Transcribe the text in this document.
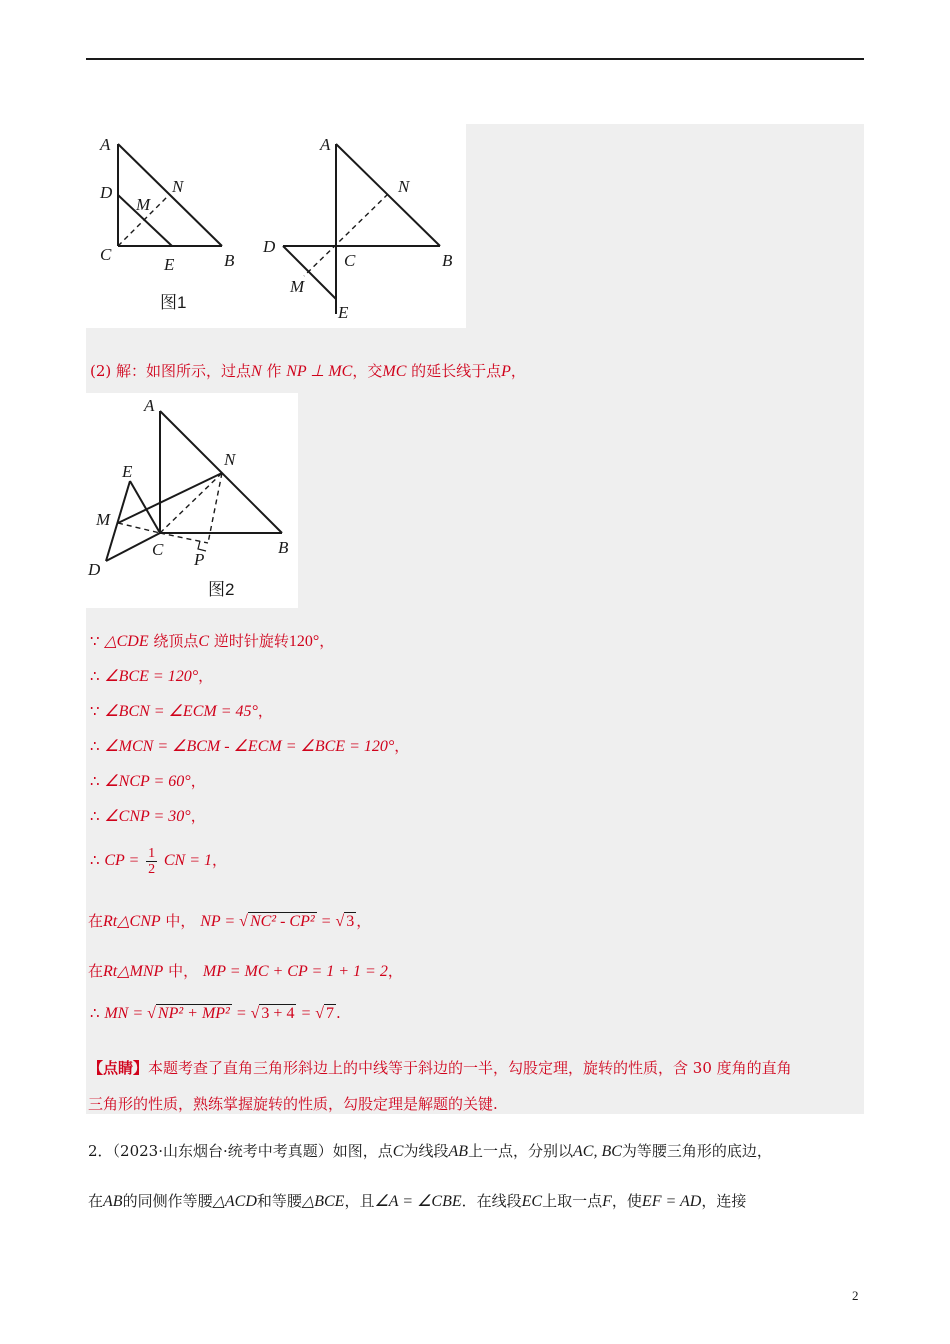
A
D	N
M
C
E	B
图1
A
N
D
C	B
M
E
(2) 解：如图所示，过点N 作 NP ⊥ MC，交MC 的延长线于点P，
A
E
N
M
C
P
B
D
图2
∵ △CDE 绕顶点C 逆时针旋转120°，
∴ ∠BCE = 120°，
∵ ∠BCN = ∠ECM = 45°，
∴ ∠MCN = ∠BCM - ∠ECM = ∠BCE = 120°，
∴ ∠NCP = 60°，
∴ ∠CNP = 30°，
∴ CP = $\frac{1}{2}$ CN = 1，
在Rt△CNP 中， NP = √ NC² - CP² = √ 3 ，
在Rt△MNP 中， MP = MC + CP = 1 + 1 = 2，
∴ MN = √ NP² + MP² = √ 3 + 4 = √ 7 .
【点睛】本题考查了直角三角形斜边上的中线等于斜边的一半，勾股定理，旋转的性质，含 30 度角的直角
三角形的性质，熟练掌握旋转的性质，勾股定理是解题的关键.
2．（2023·山东烟台·统考中考真题）如图，点C为线段AB上一点，分别以AC, BC为等腰三角形的底边，
在AB的同侧作等腰△ACD和等腰△BCE，且∠A = ∠CBE．在线段EC上取一点F，使EF = AD，连接
2
